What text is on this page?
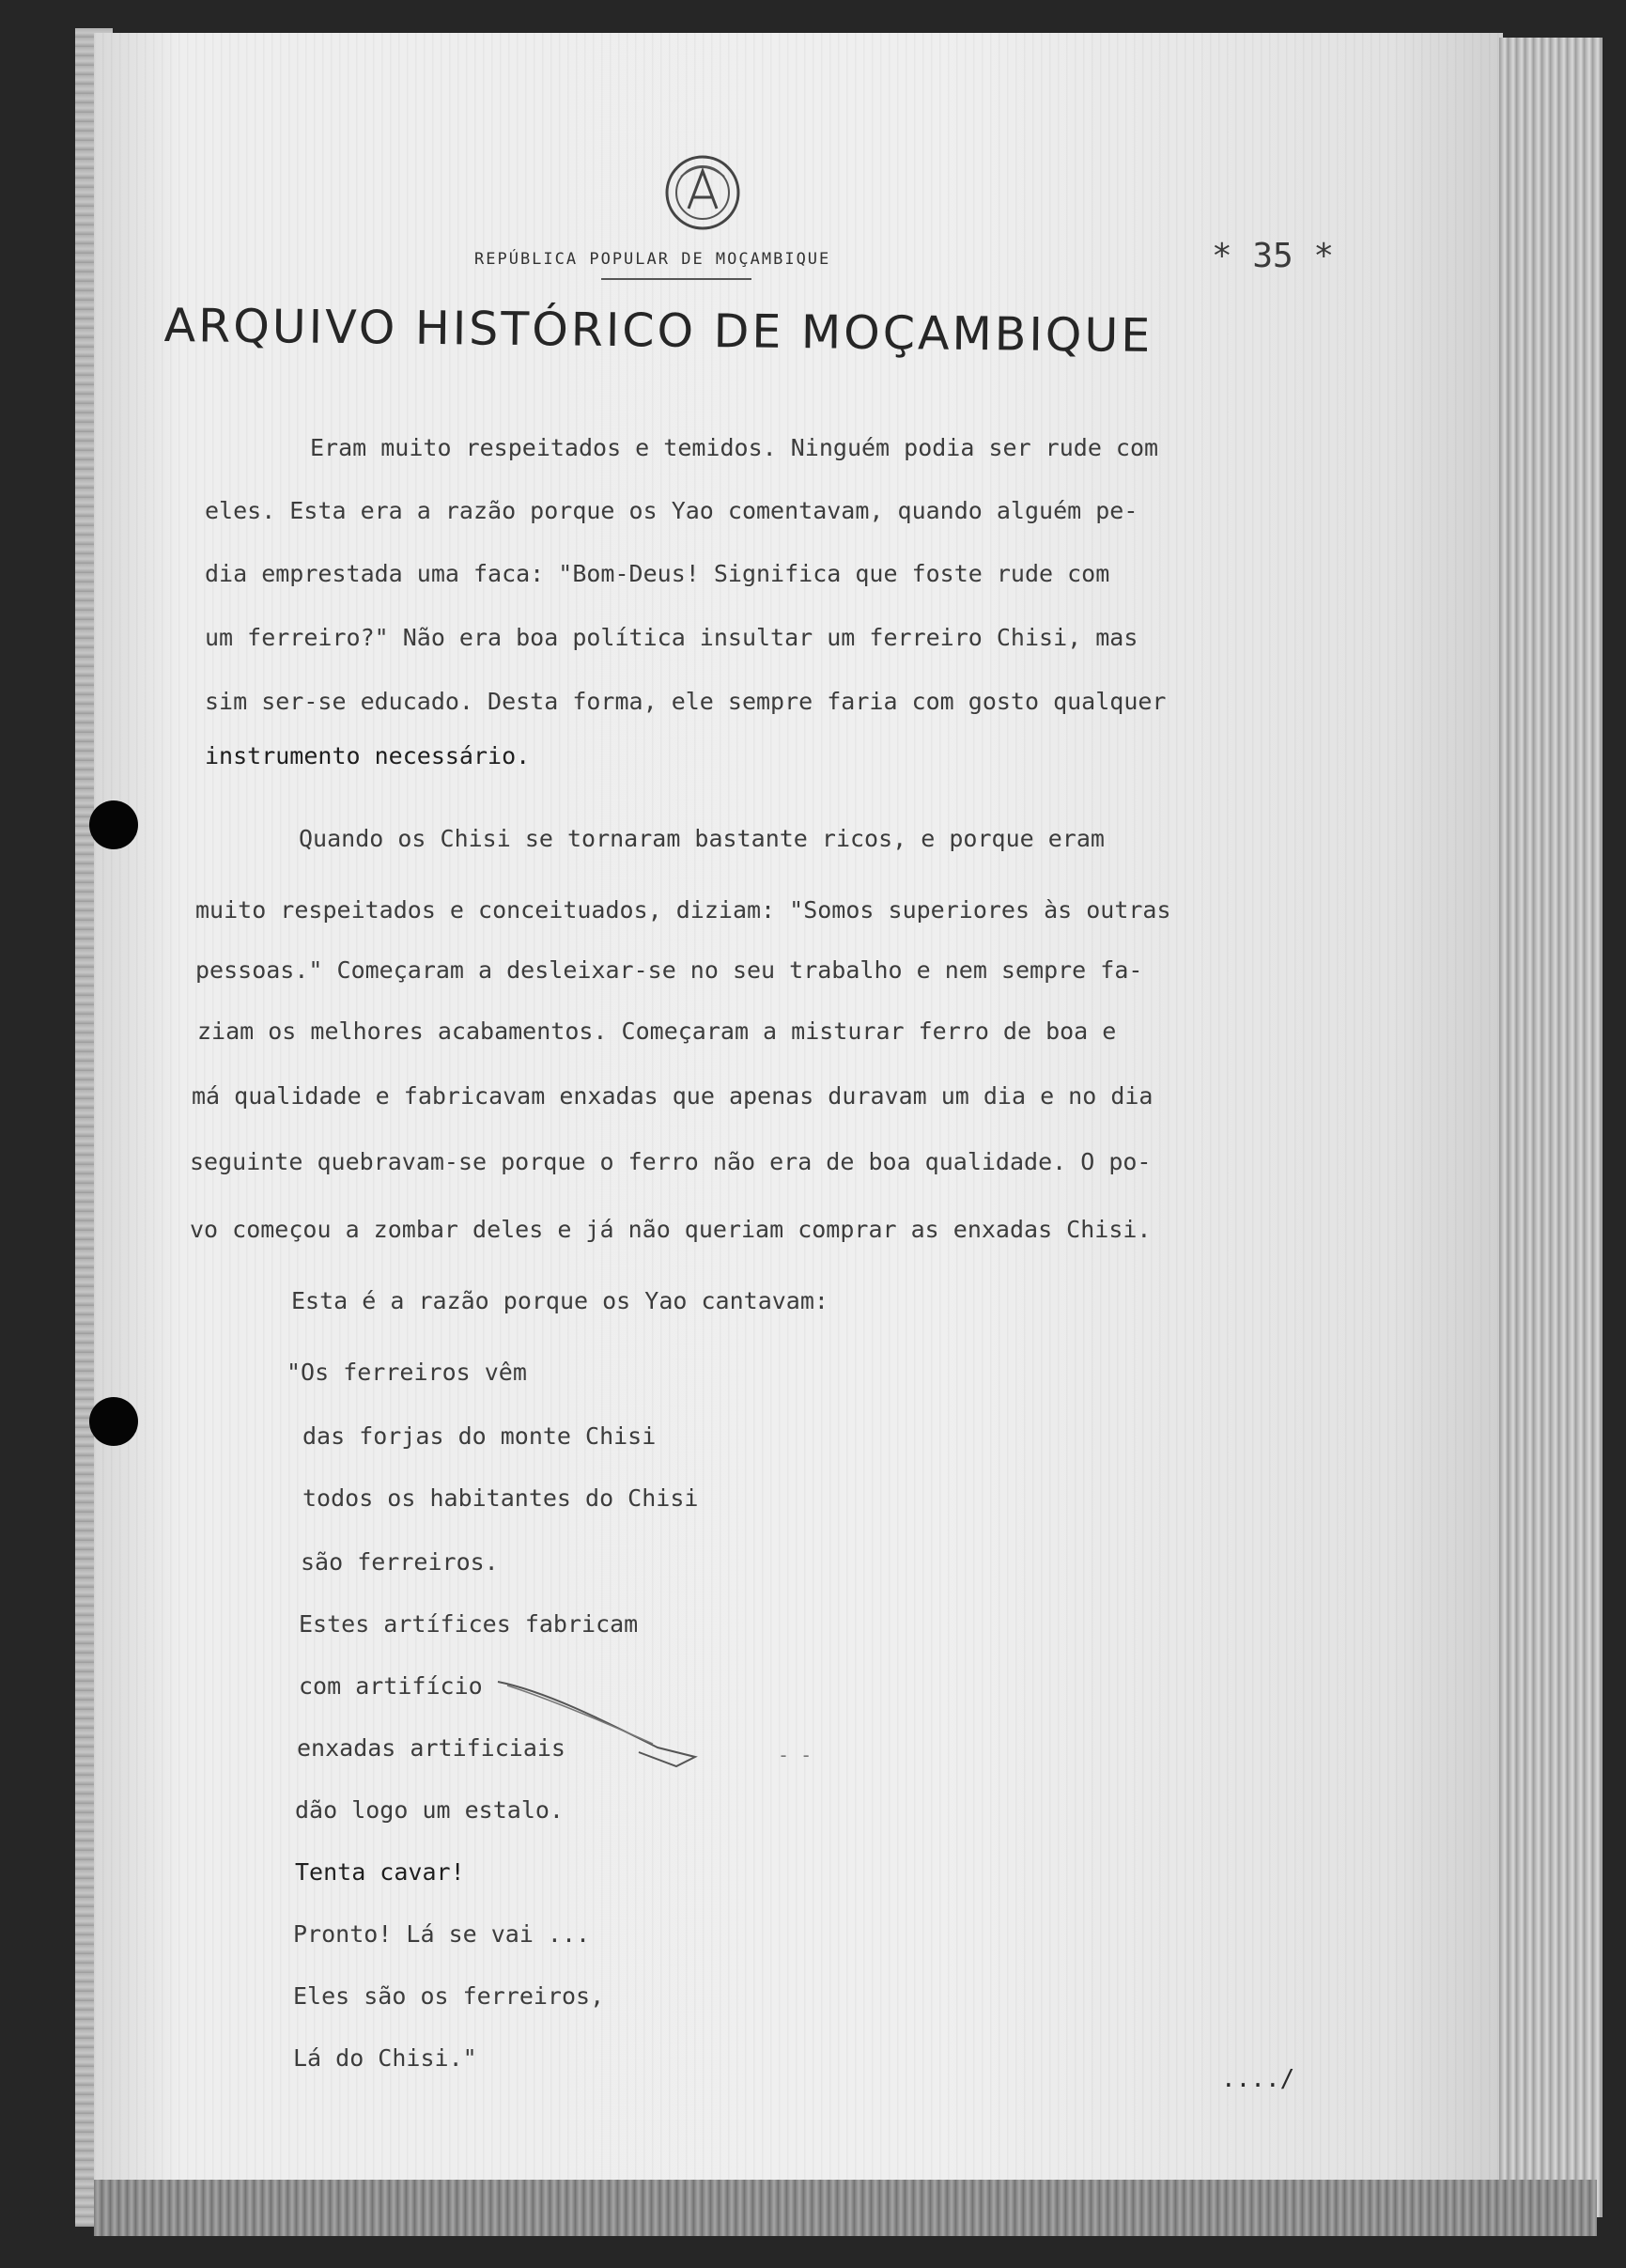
REPÚBLICA POPULAR DE MOÇAMBIQUE	* 35 *
ARQUIVO HISTÓRICO DE MOÇAMBIQUE

Eram muito respeitados e temidos. Ninguém podia ser rude com

eles. Esta era a razão porque os Yao comentavam, quando alguém pe-

dia emprestada uma faca: "Bom-Deus! Significa que foste rude com

um ferreiro?" Não era boa política insultar um ferreiro Chisi, mas

sim ser-se educado. Desta forma, ele sempre faria com gosto qualquer

instrumento necessário.

Quando os Chisi se tornaram bastante ricos, e porque eram

muito respeitados e conceituados, diziam: "Somos superiores às outras

pessoas." Começaram a desleixar-se no seu trabalho e nem sempre fa-

ziam os melhores acabamentos. Começaram a misturar ferro de boa e

má qualidade e fabricavam enxadas que apenas duravam um dia e no dia

seguinte quebravam-se porque o ferro não era de boa qualidade. O po-

vo começou a zombar deles e já não queriam comprar as enxadas Chisi.

Esta é a razão porque os Yao cantavam:

"Os ferreiros vêm

das forjas do monte Chisi

todos os habitantes do Chisi

são ferreiros.

Estes artífices fabricam

com artifício

enxadas artificiais

dão logo um estalo.

Tenta cavar!

Pronto! Lá se vai ...

Eles são os ferreiros,

Lá do Chisi."

- -
..../
